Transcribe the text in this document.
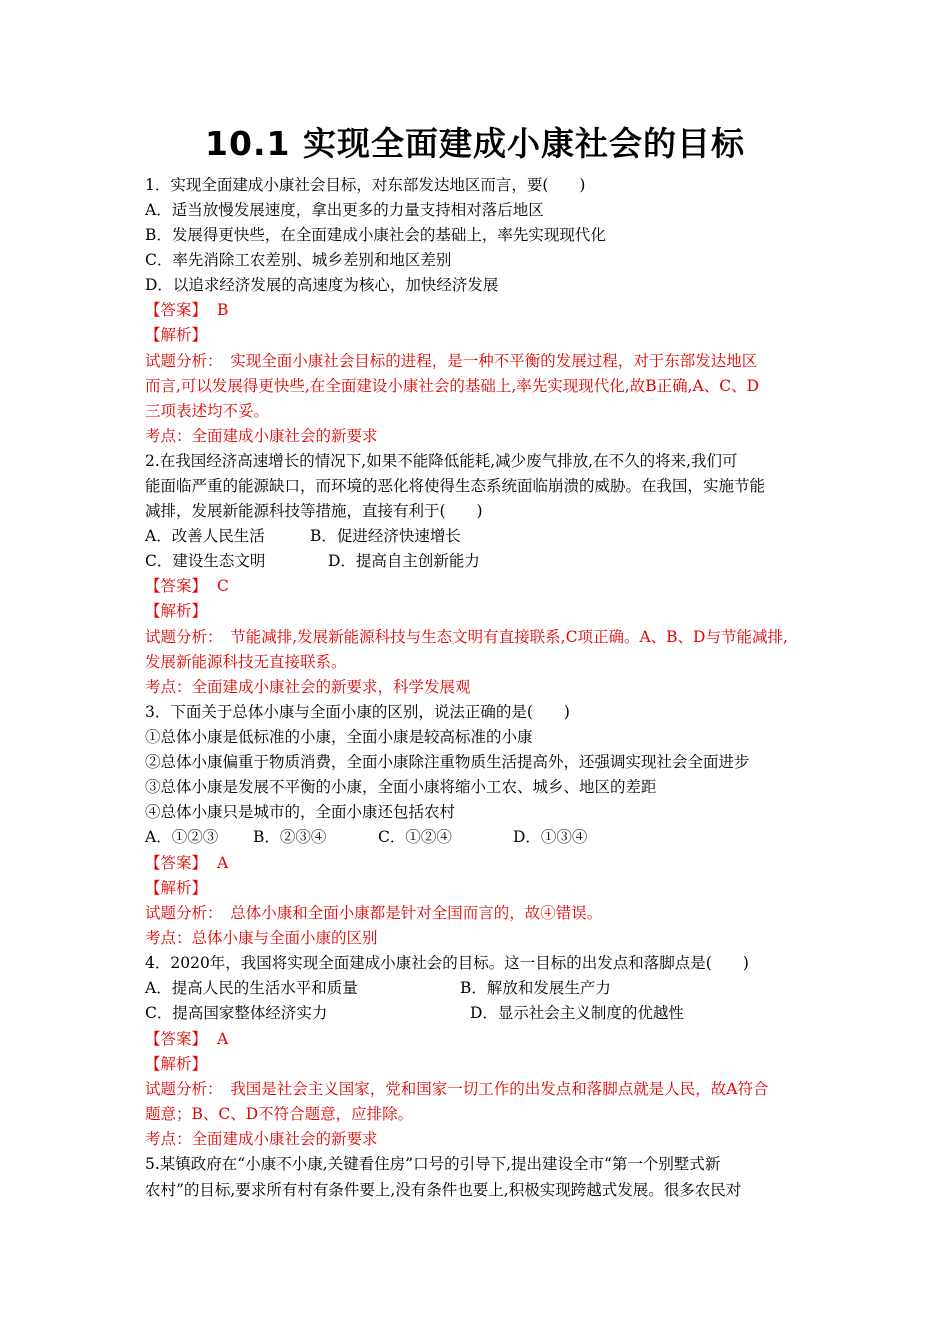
10.1 实现全面建成小康社会的目标
1．实现全面建成小康社会目标，对东部发达地区而言，要(　　)
A．适当放慢发展速度，拿出更多的力量支持相对落后地区
B．发展得更快些，在全面建成小康社会的基础上，率先实现现代化
C．率先消除工农差别、城乡差别和地区差别
D．以追求经济发展的高速度为核心，加快经济发展
【答案】 B
【解析】
试题分析：　实现全面小康社会目标的进程，是一种不平衡的发展过程，对于东部发达地区
而言,可以发展得更快些,在全面建设小康社会的基础上,率先实现现代化,故B正确,A、C、D
三项表述均不妥。
考点：全面建成小康社会的新要求
2.在我国经济高速增长的情况下,如果不能降低能耗,减少废气排放,在不久的将来,我们可
能面临严重的能源缺口，而环境的恶化将使得生态系统面临崩溃的威胁。在我国，实施节能
减排，发展新能源科技等措施，直接有利于(　　)
A．改善人民生活	B．促进经济快速增长
C．建设生态文明	D．提高自主创新能力
【答案】 C
【解析】
试题分析：　节能减排,发展新能源科技与生态文明有直接联系,C项正确。A、B、D与节能减排,
发展新能源科技无直接联系。
考点：全面建成小康社会的新要求，科学发展观
3．下面关于总体小康与全面小康的区别，说法正确的是(　　)
①总体小康是低标准的小康，全面小康是较高标准的小康
②总体小康偏重于物质消费，全面小康除注重物质生活提高外，还强调实现社会全面进步
③总体小康是发展不平衡的小康，全面小康将缩小工农、城乡、地区的差距
④总体小康只是城市的，全面小康还包括农村
A．①②③ B．②③④	C．①②④	D．①③④
【答案】 A
【解析】
试题分析：　总体小康和全面小康都是针对全国而言的，故④错误。
考点：总体小康与全面小康的区别
4．2020年，我国将实现全面建成小康社会的目标。这一目标的出发点和落脚点是(　　)
A．提高人民的生活水平和质量	B．解放和发展生产力
C．提高国家整体经济实力	D．显示社会主义制度的优越性
【答案】 A
【解析】
试题分析：　我国是社会主义国家，党和国家一切工作的出发点和落脚点就是人民，故A符合
题意；B、C、D不符合题意，应排除。
考点：全面建成小康社会的新要求
5.某镇政府在“小康不小康,关键看住房”口号的引导下,提出建设全市“第一个别墅式新
农村”的目标,要求所有村有条件要上,没有条件也要上,积极实现跨越式发展。很多农民对
